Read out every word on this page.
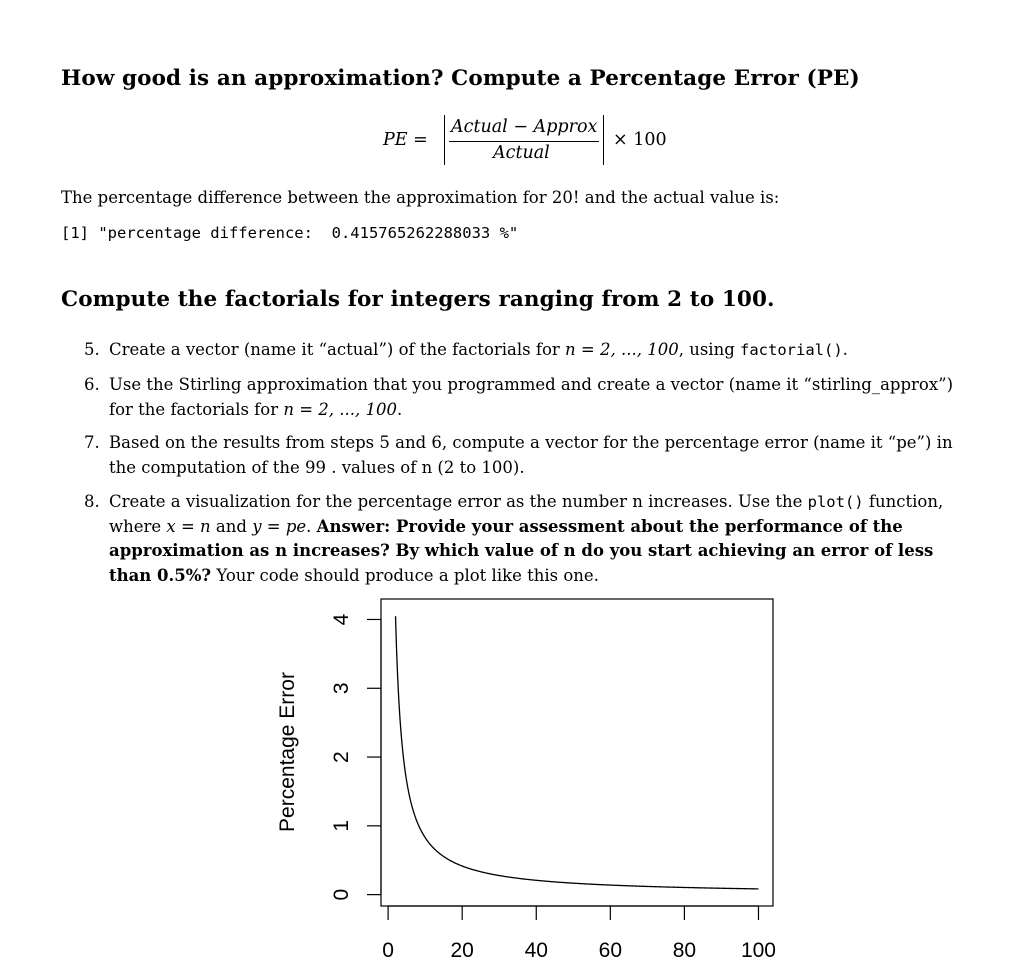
How good is an approximation? Compute a Percentage Error (PE)
PE =
Actual − Approx
Actual
× 100
The percentage difference between the approximation for 20! and the actual value is:
[1] "percentage difference:  0.415765262288033 %"
Compute the factorials for integers ranging from 2 to 100.
5. Create a vector (name it “actual”) of the factorials for n = 2, ..., 100, using factorial().
6. Use the Stirling approximation that you programmed and create a vector (name it “stirling_approx”)
for the factorials for n = 2, ..., 100.
7. Based on the results from steps 5 and 6, compute a vector for the percentage error (name it “pe”) in
the computation of the 99 . values of n (2 to 100).
8. Create a visualization for the percentage error as the number n increases. Use the plot() function,
where x = n and y = pe. Answer: Provide your assessment about the performance of the
approximation as n increases? By which value of n do you start achieving an error of less
than 0.5%? Your code should produce a plot like this one.
0	20 40 60 80 100
0
1
2
3
4
Percentage Error
